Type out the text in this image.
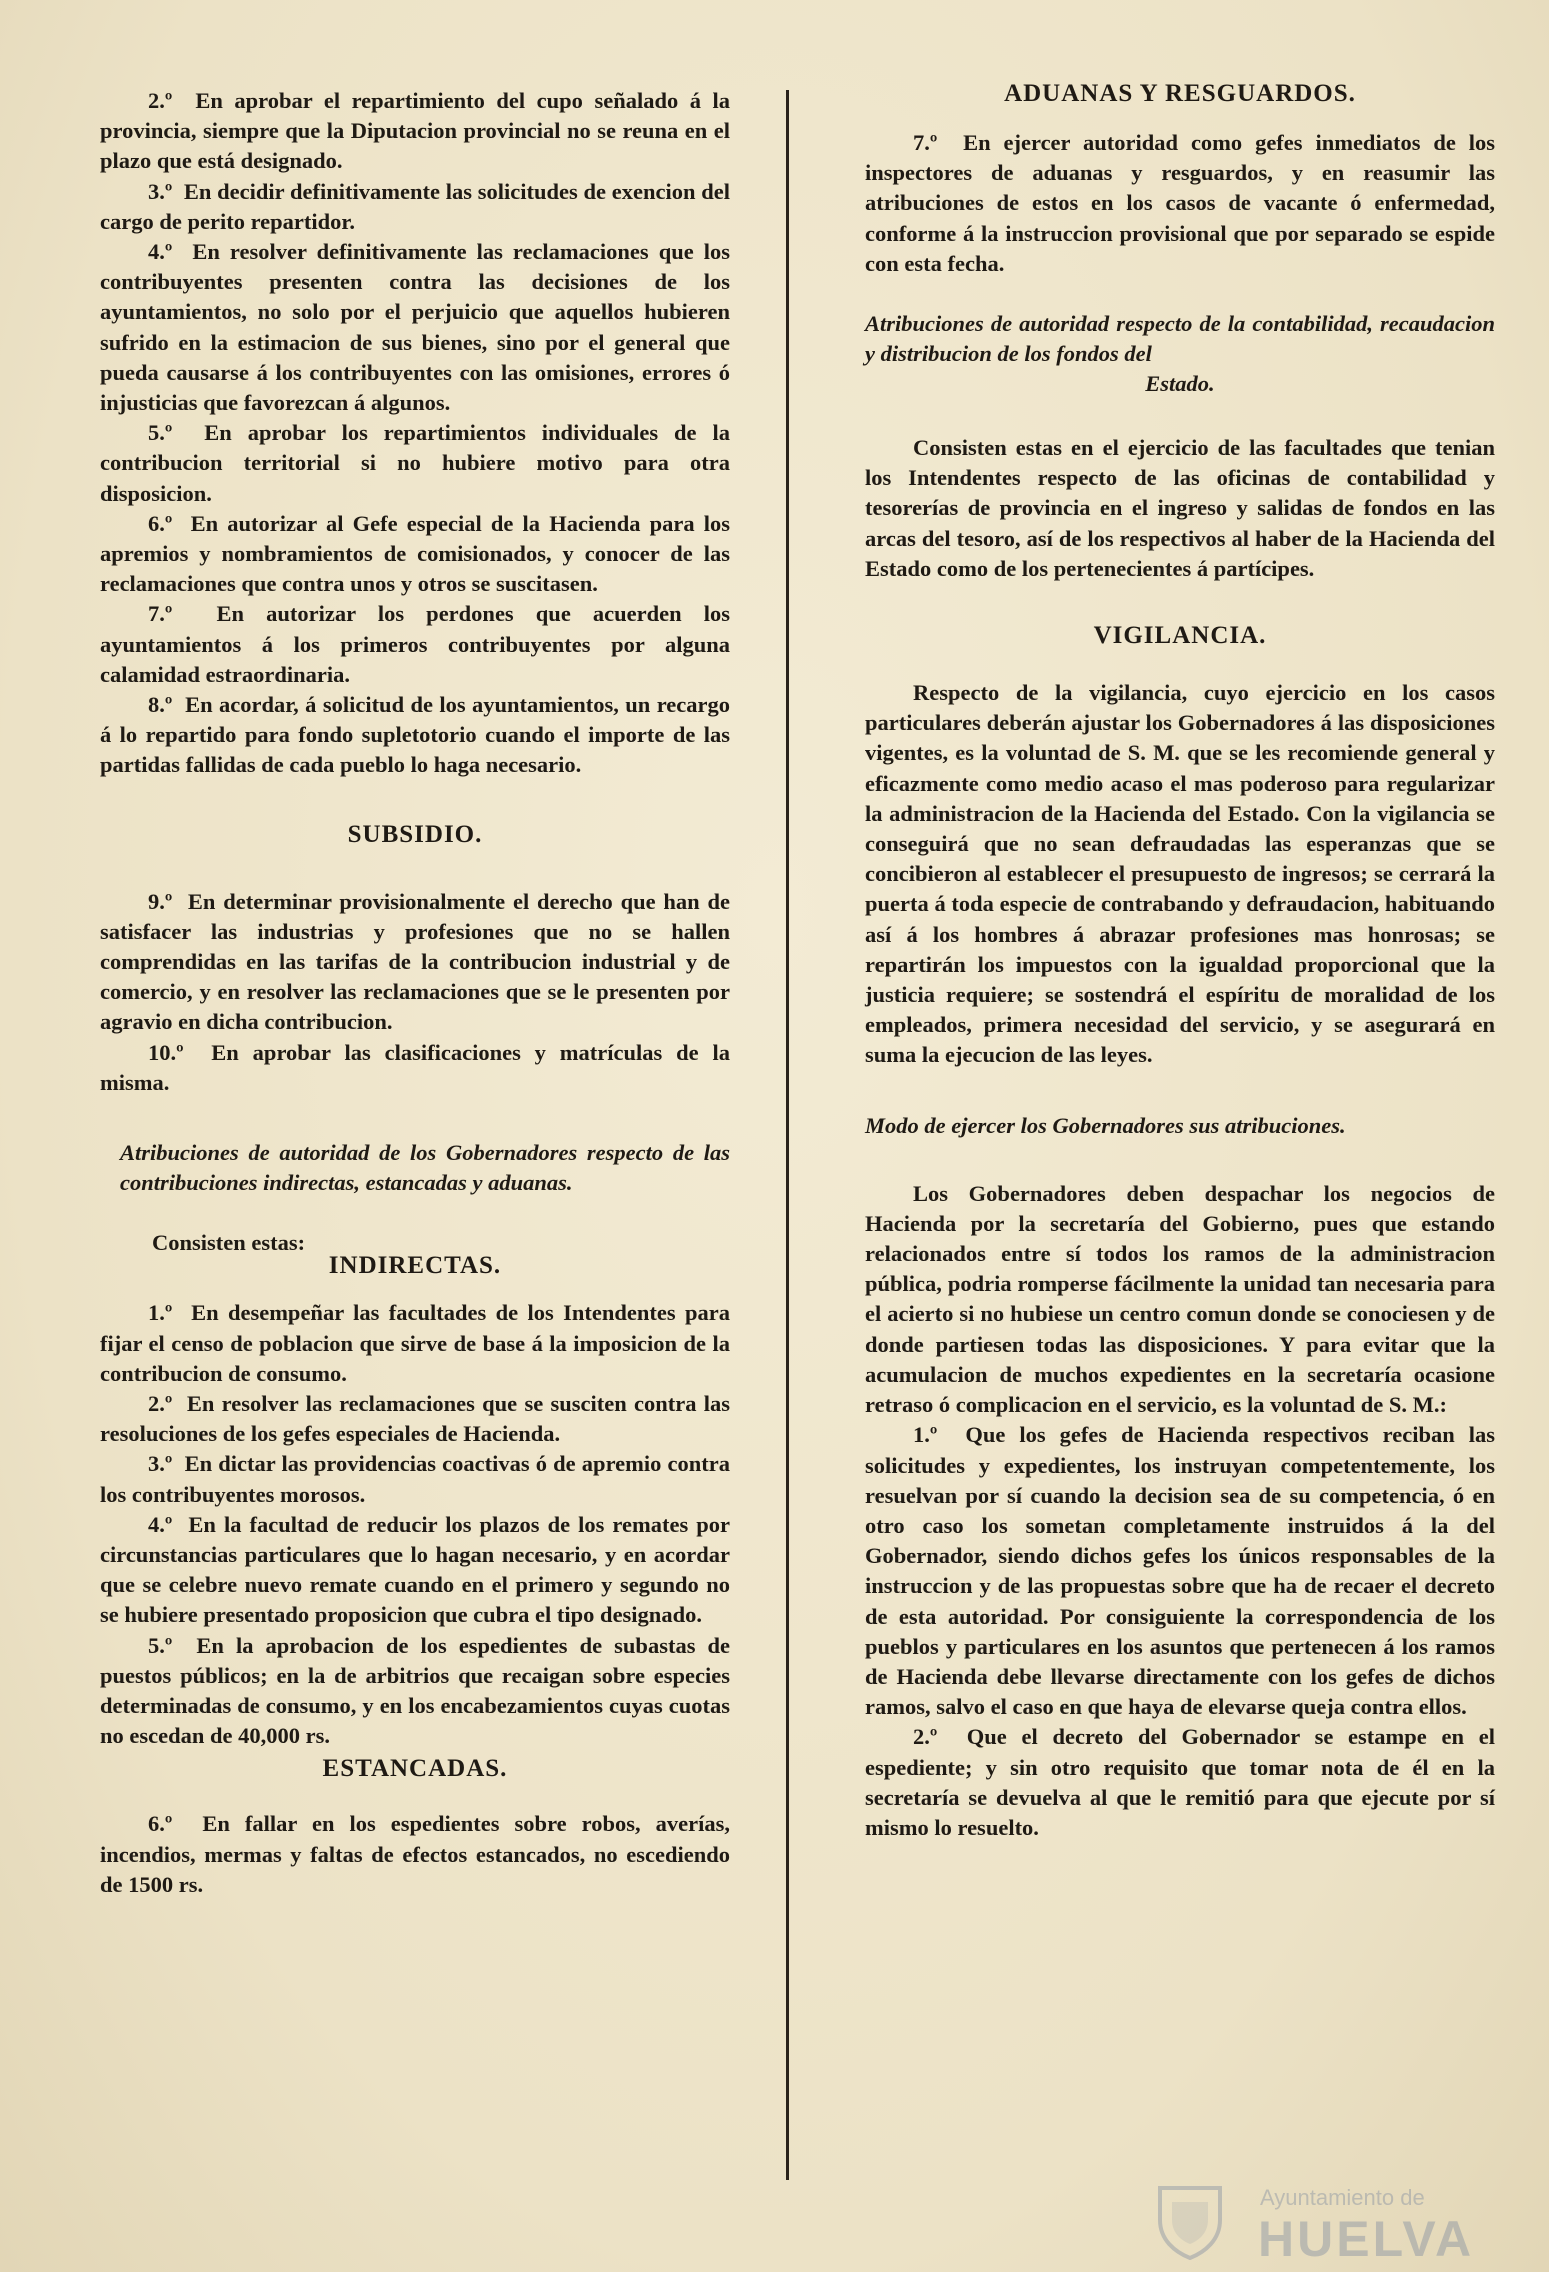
2.º En aprobar el repartimiento del cupo señalado á la provincia, siempre que la Diputacion provincial no se reuna en el plazo que está designado.

3.º En decidir definitivamente las solicitudes de exencion del cargo de perito repartidor.

4.º En resolver definitivamente las reclamaciones que los contribuyentes presenten contra las decisiones de los ayuntamientos, no solo por el perjuicio que aquellos hubieren sufrido en la estimacion de sus bienes, sino por el general que pueda causarse á los contribuyentes con las omisiones, errores ó injusticias que favorezcan á algunos.

5.º En aprobar los repartimientos individuales de la contribucion territorial si no hubiere motivo para otra disposicion.

6.º En autorizar al Gefe especial de la Hacienda para los apremios y nombramientos de comisionados, y conocer de las reclamaciones que contra unos y otros se suscitasen.

7.º En autorizar los perdones que acuerden los ayuntamientos á los primeros contribuyentes por alguna calamidad estraordinaria.

8.º En acordar, á solicitud de los ayuntamientos, un recargo á lo repartido para fondo supletotorio cuando el importe de las partidas fallidas de cada pueblo lo haga necesario.

SUBSIDIO.

9.º En determinar provisionalmente el derecho que han de satisfacer las industrias y profesiones que no se hallen comprendidas en las tarifas de la contribucion industrial y de comercio, y en resolver las reclamaciones que se le presenten por agravio en dicha contribucion.

10.º En aprobar las clasificaciones y matrículas de la misma.

Atribuciones de autoridad de los Gobernadores respecto de las contribuciones indirectas, estancadas y aduanas.

Consisten estas:

INDIRECTAS.

1.º En desempeñar las facultades de los Intendentes para fijar el censo de poblacion que sirve de base á la imposicion de la contribucion de consumo.

2.º En resolver las reclamaciones que se susciten contra las resoluciones de los gefes especiales de Hacienda.

3.º En dictar las providencias coactivas ó de apremio contra los contribuyentes morosos.

4.º En la facultad de reducir los plazos de los remates por circunstancias particulares que lo hagan necesario, y en acordar que se celebre nuevo remate cuando en el primero y segundo no se hubiere presentado proposicion que cubra el tipo designado.

5.º En la aprobacion de los espedientes de subastas de puestos públicos; en la de arbitrios que recaigan sobre especies determinadas de consumo, y en los encabezamientos cuyas cuotas no escedan de 40,000 rs.

ESTANCADAS.

6.º En fallar en los espedientes sobre robos, averías, incendios, mermas y faltas de efectos estancados, no escediendo de 1500 rs.

ADUANAS Y RESGUARDOS.

7.º En ejercer autoridad como gefes inmediatos de los inspectores de aduanas y resguardos, y en reasumir las atribuciones de estos en los casos de vacante ó enfermedad, conforme á la instruccion provisional que por separado se espide con esta fecha.

Atribuciones de autoridad respecto de la contabilidad, recaudacion y distribucion de los fondos del

Estado.

Consisten estas en el ejercicio de las facultades que tenian los Intendentes respecto de las oficinas de contabilidad y tesorerías de provincia en el ingreso y salidas de fondos en las arcas del tesoro, así de los respectivos al haber de la Hacienda del Estado como de los pertenecientes á partícipes.

VIGILANCIA.

Respecto de la vigilancia, cuyo ejercicio en los casos particulares deberán ajustar los Gobernadores á las disposiciones vigentes, es la voluntad de S. M. que se les recomiende general y eficazmente como medio acaso el mas poderoso para regularizar la administracion de la Hacienda del Estado. Con la vigilancia se conseguirá que no sean defraudadas las esperanzas que se concibieron al establecer el presupuesto de ingresos; se cerrará la puerta á toda especie de contrabando y defraudacion, habituando así á los hombres á abrazar profesiones mas honrosas; se repartirán los impuestos con la igualdad proporcional que la justicia requiere; se sostendrá el espíritu de moralidad de los empleados, primera necesidad del servicio, y se asegurará en suma la ejecucion de las leyes.

Modo de ejercer los Gobernadores sus atribuciones.

Los Gobernadores deben despachar los negocios de Hacienda por la secretaría del Gobierno, pues que estando relacionados entre sí todos los ramos de la administracion pública, podria romperse fácilmente la unidad tan necesaria para el acierto si no hubiese un centro comun donde se conociesen y de donde partiesen todas las disposiciones. Y para evitar que la acumulacion de muchos expedientes en la secretaría ocasione retraso ó complicacion en el servicio, es la voluntad de S. M.:

1.º Que los gefes de Hacienda respectivos reciban las solicitudes y expedientes, los instruyan competentemente, los resuelvan por sí cuando la decision sea de su competencia, ó en otro caso los sometan completamente instruidos á la del Gobernador, siendo dichos gefes los únicos responsables de la instruccion y de las propuestas sobre que ha de recaer el decreto de esta autoridad. Por consiguiente la correspondencia de los pueblos y particulares en los asuntos que pertenecen á los ramos de Hacienda debe llevarse directamente con los gefes de dichos ramos, salvo el caso en que haya de elevarse queja contra ellos.

2.º Que el decreto del Gobernador se estampe en el espediente; y sin otro requisito que tomar nota de él en la secretaría se devuelva al que le remitió para que ejecute por sí mismo lo resuelto.

Ayuntamiento de
HUELVA
